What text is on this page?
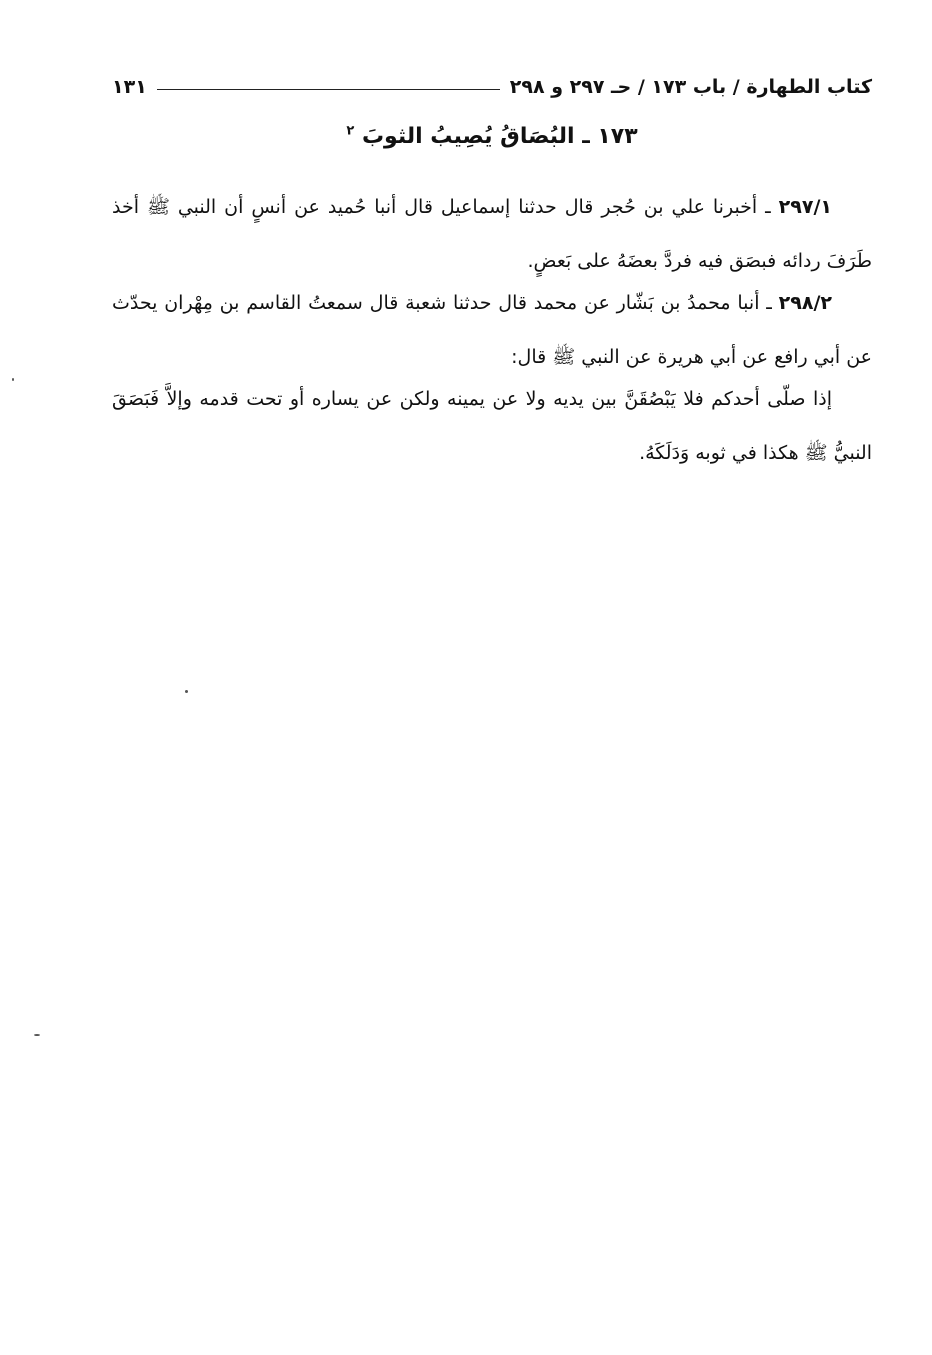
كتاب الطهارة / باب ١٧٣ / حـ ٢٩٧ و ٢٩٨
١٣١
١٧٣ ـ البُصَاقُ يُصِيبُ الثوبَ $^٢$
٢٩٧/١ ـ أخبرنا علي بن حُجر قال حدثنا إسماعيل قال أنبا حُميد عن أنسٍ أن النبي ﷺ أخذ طَرَفَ ردائه فبصَق فيه فردَّ بعضَهُ على بَعضٍ.
٢٩٨/٢ ـ أنبا محمدُ بن بَشّار عن محمد قال حدثنا شعبة قال سمعتُ القاسم بن مِهْران يحدّث عن أبي رافع عن أبي هريرة عن النبي ﷺ قال:
إذا صلّى أحدكم فلا يَبْصُقَنَّ بين يديه ولا عن يمينه ولكن عن يساره أو تحت قدمه وإلاَّ فَبَصَقَ النبيُّ ﷺ هكذا في ثوبه وَدَلَكَهُ.
